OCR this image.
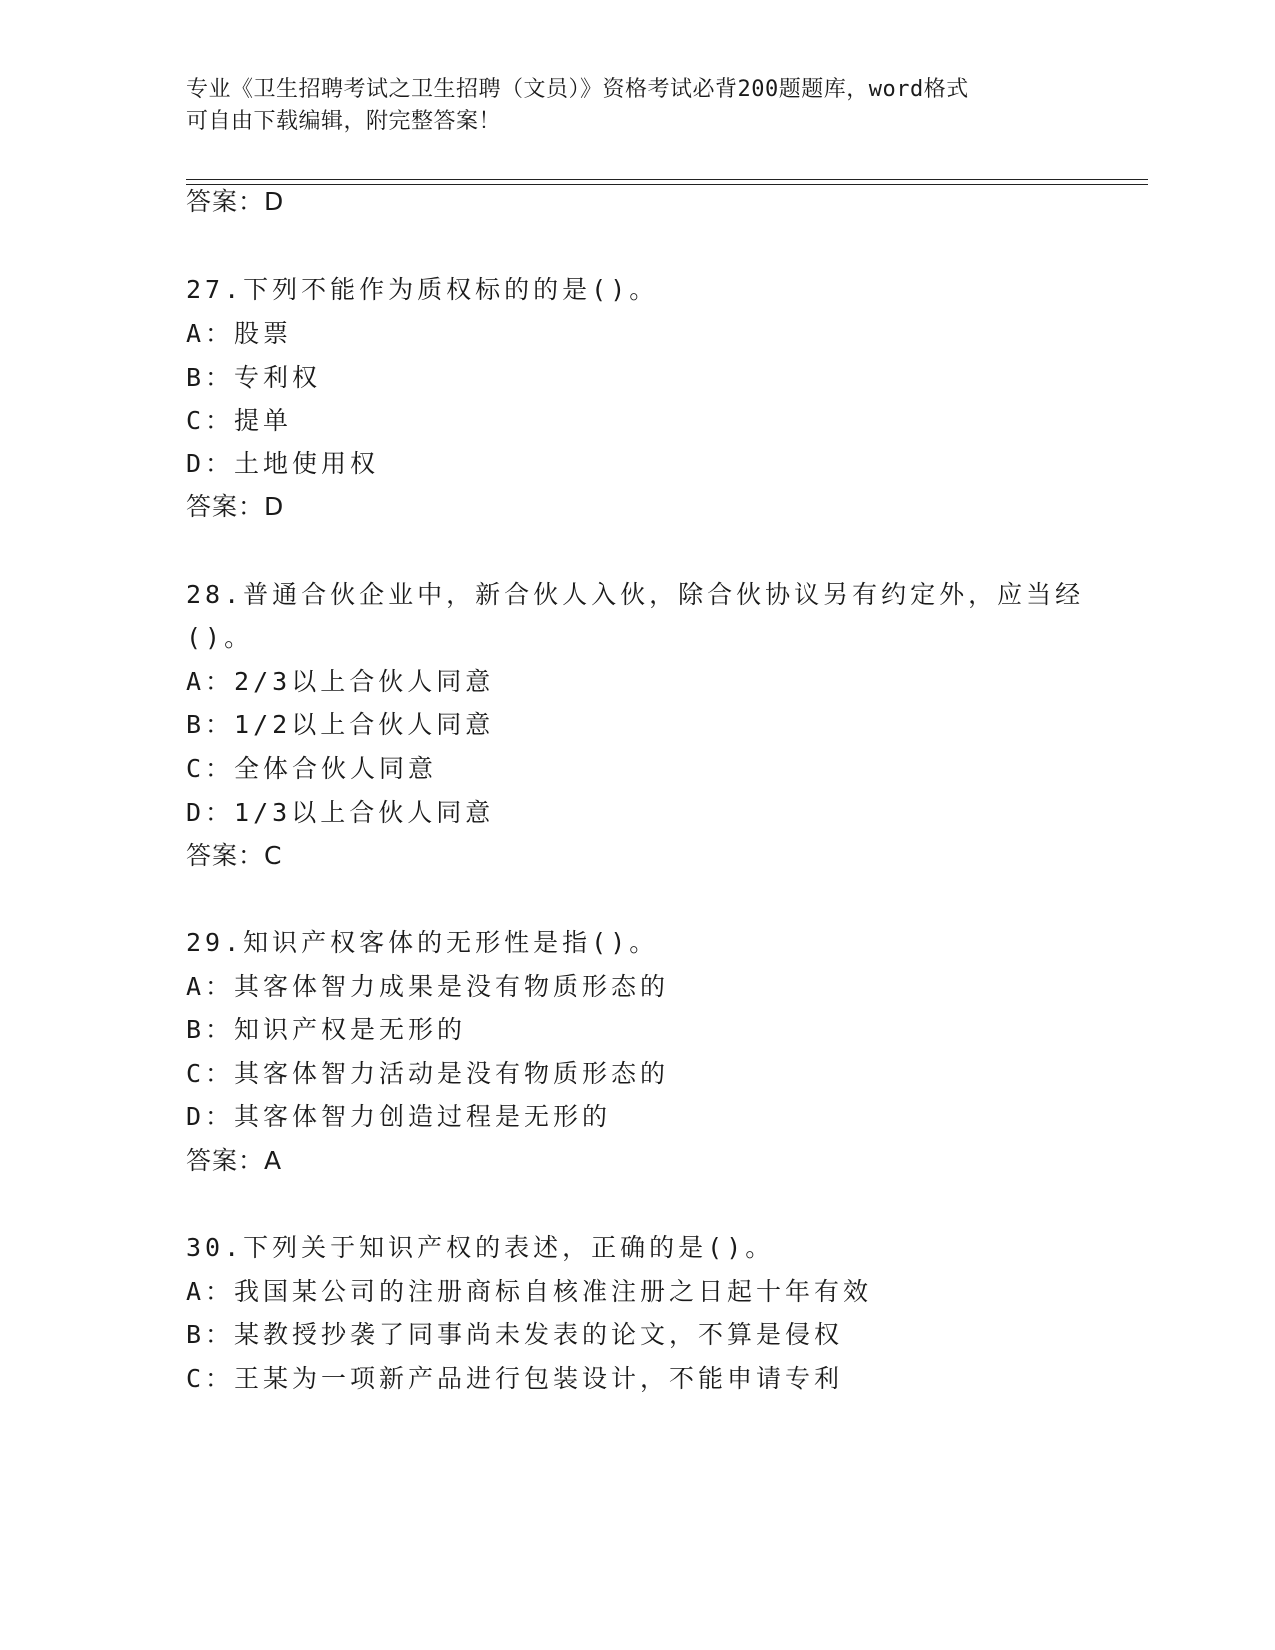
专业《卫生招聘考试之卫生招聘（文员）》资格考试必背200题题库，word格式
可自由下载编辑，附完整答案！
答案：D
27.下列不能作为质权标的的是()。
A：股票
B：专利权
C：提单
D：土地使用权
答案：D
28.普通合伙企业中，新合伙人入伙，除合伙协议另有约定外，应当经
()。
A：2/3以上合伙人同意
B：1/2以上合伙人同意
C：全体合伙人同意
D：1/3以上合伙人同意
答案：C
29.知识产权客体的无形性是指()。
A：其客体智力成果是没有物质形态的
B：知识产权是无形的
C：其客体智力活动是没有物质形态的
D：其客体智力创造过程是无形的
答案：A
30.下列关于知识产权的表述，正确的是()。
A：我国某公司的注册商标自核准注册之日起十年有效
B：某教授抄袭了同事尚未发表的论文，不算是侵权
C：王某为一项新产品进行包装设计，不能申请专利
